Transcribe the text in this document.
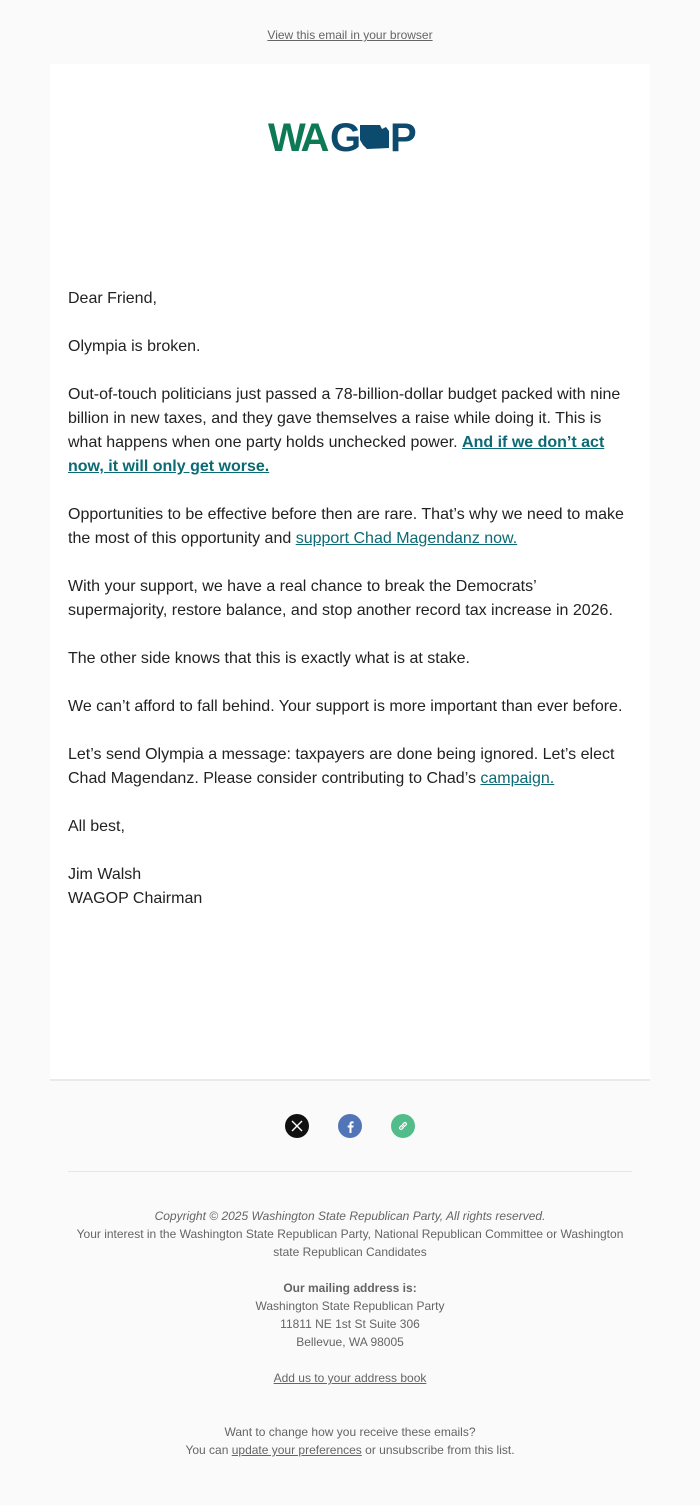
View this email in your browser
WA G P

Dear Friend,

Olympia is broken.

Out-of-touch politicians just passed a 78-billion-dollar budget packed with nine billion in new taxes, and they gave themselves a raise while doing it. This is what happens when one party holds unchecked power. And if we don’t act now, it will only get worse.

Opportunities to be effective before then are rare. That’s why we need to make the most of this opportunity and support Chad Magendanz now.

With your support, we have a real chance to break the Democrats’ supermajority, restore balance, and stop another record tax increase in 2026.

The other side knows that this is exactly what is at stake.

We can’t afford to fall behind. Your support is more important than ever before.

Let’s send Olympia a message: taxpayers are done being ignored. Let’s elect Chad Magendanz. Please consider contributing to Chad’s campaign.

All best,

Jim Walsh
WAGOP Chairman

Copyright © 2025 Washington State Republican Party, All rights reserved.
Your interest in the Washington State Republican Party, National Republican Committee or Washington state Republican Candidates
Our mailing address is:
Washington State Republican Party
11811 NE 1st St Suite 306
Bellevue, WA 98005
Add us to your address book
Want to change how you receive these emails?
You can update your preferences or unsubscribe from this list.
